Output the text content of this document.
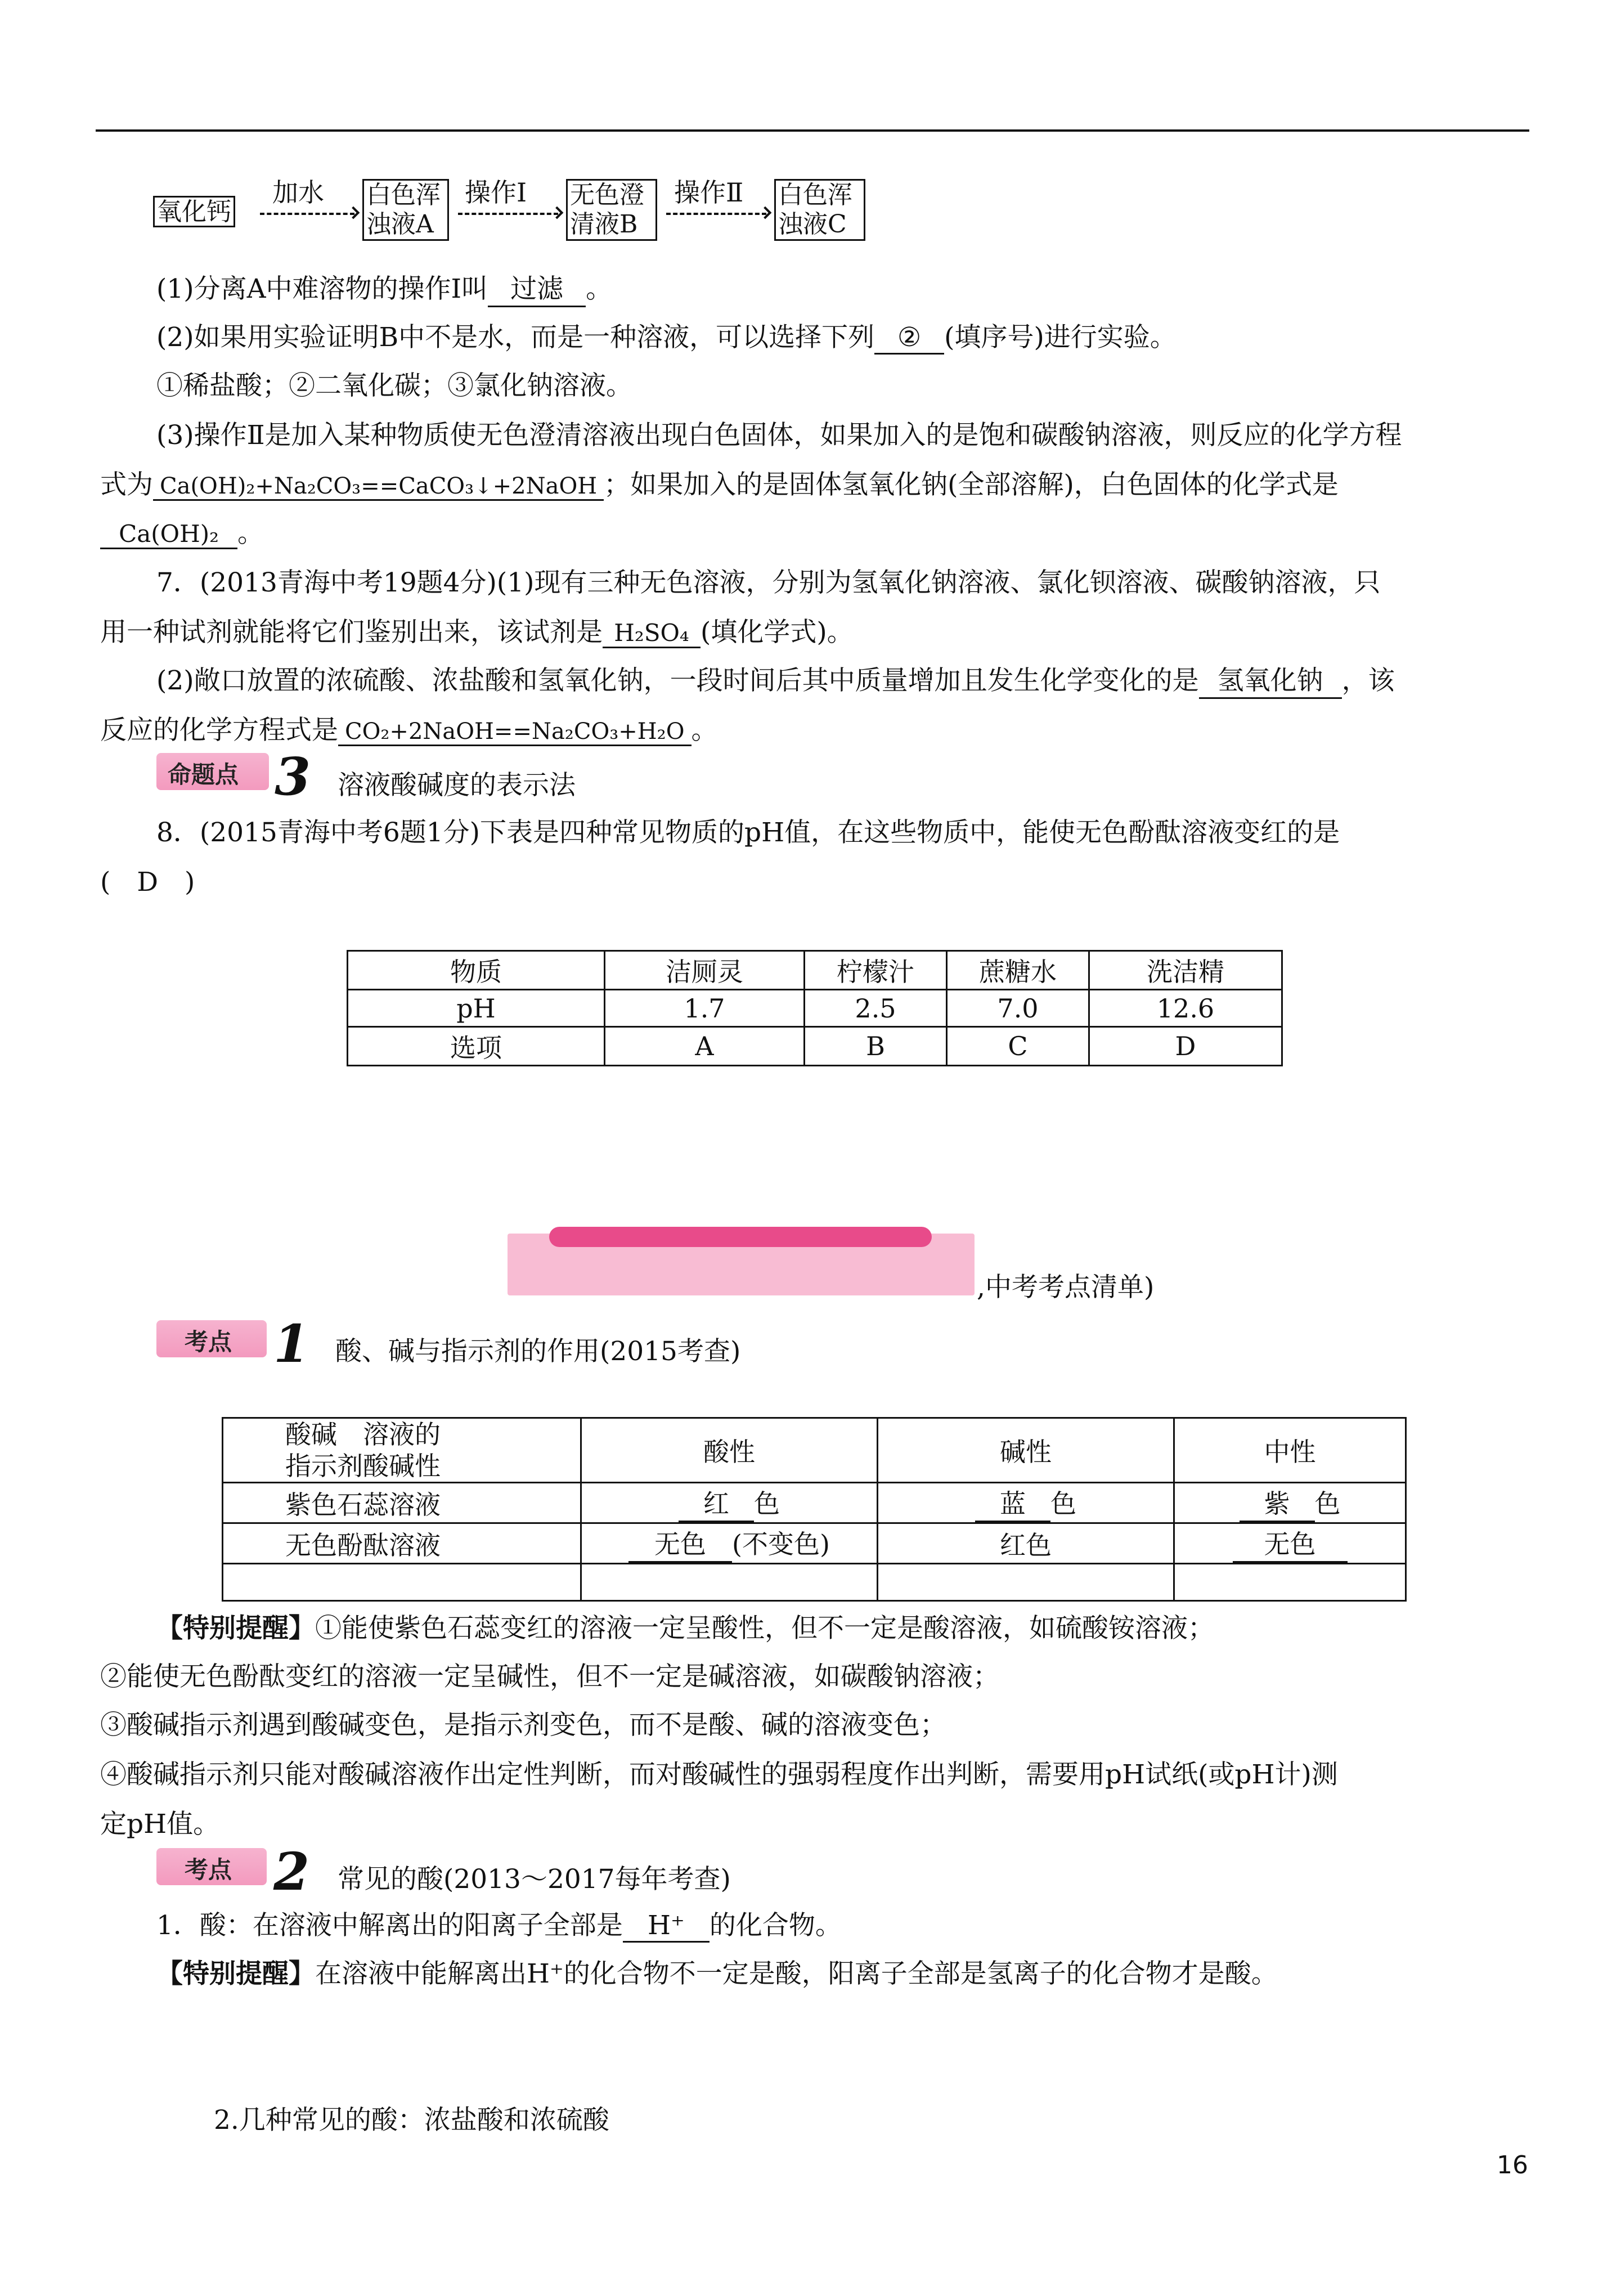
氧化钙
加水 白色浑
浊液A
操作Ⅰ 无色澄
清液B
操作Ⅱ 白色浑
浊液C
(1)分离A中难溶物的操作Ⅰ叫 过滤 。
(2)如果用实验证明B中不是水，而是一种溶液，可以选择下列 ② (填序号)进行实验。
①稀盐酸；②二氧化碳；③氯化钠溶液。
(3)操作Ⅱ是加入某种物质使无色澄清溶液出现白色固体，如果加入的是饱和碳酸钠溶液，则反应的化学方程
式为 Ca(OH)₂+Na₂CO₃==CaCO₃↓+2NaOH ；如果加入的是固体氢氧化钠(全部溶解)，白色固体的化学式是
Ca(OH)₂ 。
7．(2013青海中考19题4分)(1)现有三种无色溶液，分别为氢氧化钠溶液、氯化钡溶液、碳酸钠溶液，只
用一种试剂就能将它们鉴别出来，该试剂是 H₂SO₄ (填化学式)。
(2)敞口放置的浓硫酸、浓盐酸和氢氧化钠，一段时间后其中质量增加且发生化学变化的是 氢氧化钠 ，该
反应的化学方程式是 CO₂+2NaOH==Na₂CO₃+H₂O 。
命题点 3 溶液酸碱度的表示法
8．(2015青海中考6题1分)下表是四种常见物质的pH值，在这些物质中，能使无色酚酞溶液变红的是
(　D　)
物质	洁厕灵	柠檬汁	蔗糖水	洗洁精
pH	1.7	2.5	7.0	12.6
选项	A	B	C	D
,中考考点清单)
考点 1 酸、碱与指示剂的作用(2015考查)
酸碱　溶液的
指示剂酸碱性	酸性	碱性	中性
紫色石蕊溶液	红 色	蓝 色	紫 色
无色酚酞溶液	无色 (不变色)	红色	无色

【特别提醒】①能使紫色石蕊变红的溶液一定呈酸性，但不一定是酸溶液，如硫酸铵溶液；
②能使无色酚酞变红的溶液一定呈碱性，但不一定是碱溶液，如碳酸钠溶液；
③酸碱指示剂遇到酸碱变色，是指示剂变色，而不是酸、碱的溶液变色；
④酸碱指示剂只能对酸碱溶液作出定性判断，而对酸碱性的强弱程度作出判断，需要用pH试纸(或pH计)测
定pH值。
考点 2 常见的酸(2013～2017每年考查)
1．酸：在溶液中解离出的阳离子全部是 H⁺ 的化合物。
【特别提醒】在溶液中能解离出H⁺的化合物不一定是酸，阳离子全部是氢离子的化合物才是酸。
2.几种常见的酸：浓盐酸和浓硫酸
16
